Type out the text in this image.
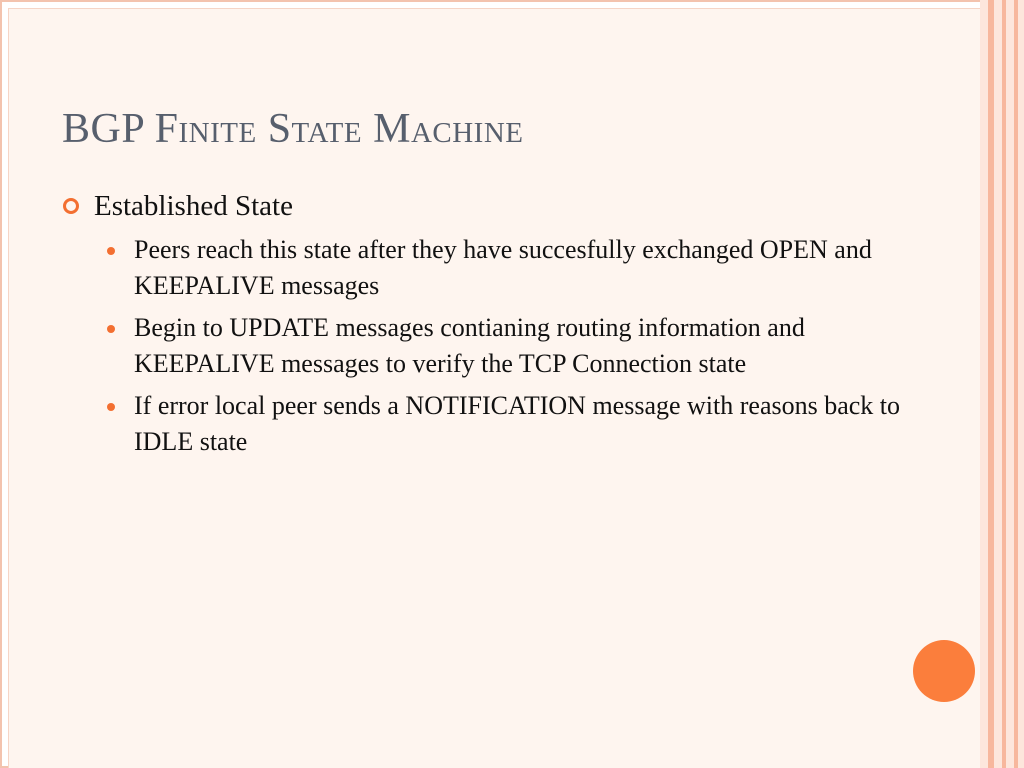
BGP Finite State Machine
Established State
Peers reach this state after they have succesfully exchanged OPEN and KEEPALIVE messages
Begin to UPDATE messages contianing routing information and KEEPALIVE messages to verify the TCP Connection state
If error local peer sends a NOTIFICATION message with reasons back to IDLE state
